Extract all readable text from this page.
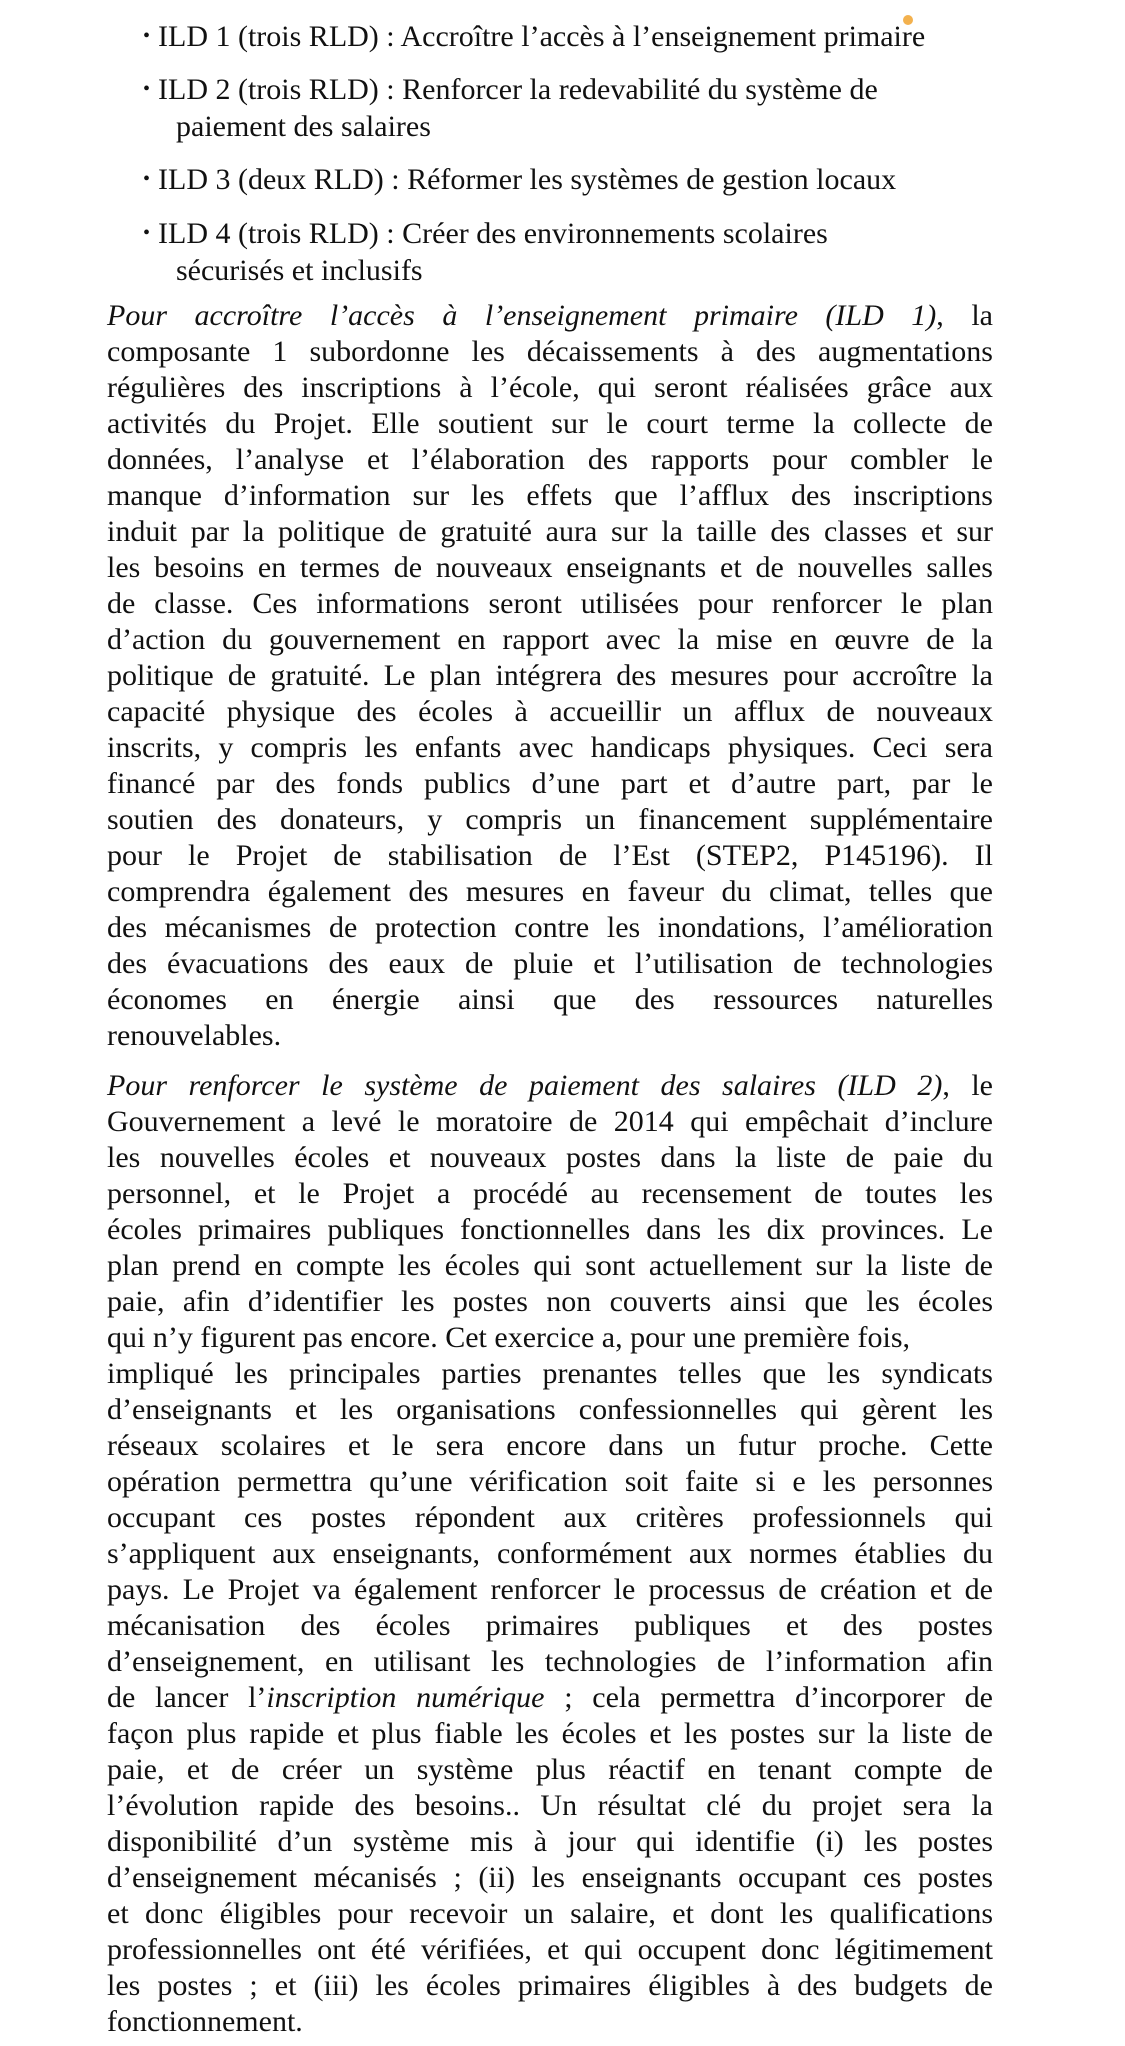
• ILD 1 (trois RLD) : Accroître l’accès à l’enseignement primaire
• ILD 2 (trois RLD) : Renforcer la redevabilité du système de
paiement des salaires
• ILD 3 (deux RLD) : Réformer les systèmes de gestion locaux
• ILD 4 (trois RLD) : Créer des environnements scolaires
sécurisés et inclusifs
Pour accroître l’accès à l’enseignement primaire (ILD 1), la
composante 1 subordonne les décaissements à des augmentations
régulières des inscriptions à l’école, qui seront réalisées grâce aux
activités du Projet. Elle soutient sur le court terme la collecte de
données, l’analyse et l’élaboration des rapports pour combler le
manque d’information sur les effets que l’afflux des inscriptions
induit par la politique de gratuité aura sur la taille des classes et sur
les besoins en termes de nouveaux enseignants et de nouvelles salles
de classe. Ces informations seront utilisées pour renforcer le plan
d’action du gouvernement en rapport avec la mise en œuvre de la
politique de gratuité. Le plan intégrera des mesures pour accroître la
capacité physique des écoles à accueillir un afflux de nouveaux
inscrits, y compris les enfants avec handicaps physiques. Ceci sera
financé par des fonds publics d’une part et d’autre part, par le
soutien des donateurs, y compris un financement supplémentaire
pour le Projet de stabilisation de l’Est (STEP2, P145196). Il
comprendra également des mesures en faveur du climat, telles que
des mécanismes de protection contre les inondations, l’amélioration
des évacuations des eaux de pluie et l’utilisation de technologies
économes en énergie ainsi que des ressources naturelles
renouvelables.
Pour renforcer le système de paiement des salaires (ILD 2), le
Gouvernement a levé le moratoire de 2014 qui empêchait d’inclure
les nouvelles écoles et nouveaux postes dans la liste de paie du
personnel, et le Projet a procédé au recensement de toutes les
écoles primaires publiques fonctionnelles dans les dix provinces. Le
plan prend en compte les écoles qui sont actuellement sur la liste de
paie, afin d’identifier les postes non couverts ainsi que les écoles
qui n’y figurent pas encore. Cet exercice a, pour une première fois,
impliqué les principales parties prenantes telles que les syndicats
d’enseignants et les organisations confessionnelles qui gèrent les
réseaux scolaires et le sera encore dans un futur proche. Cette
opération permettra qu’une vérification soit faite si e les personnes
occupant ces postes répondent aux critères professionnels qui
s’appliquent aux enseignants, conformément aux normes établies du
pays. Le Projet va également renforcer le processus de création et de
mécanisation des écoles primaires publiques et des postes
d’enseignement, en utilisant les technologies de l’information afin
de lancer l’inscription numérique ; cela permettra d’incorporer de
façon plus rapide et plus fiable les écoles et les postes sur la liste de
paie, et de créer un système plus réactif en tenant compte de
l’évolution rapide des besoins.. Un résultat clé du projet sera la
disponibilité d’un système mis à jour qui identifie (i) les postes
d’enseignement mécanisés ; (ii) les enseignants occupant ces postes
et donc éligibles pour recevoir un salaire, et dont les qualifications
professionnelles ont été vérifiées, et qui occupent donc légitimement
les postes ; et (iii) les écoles primaires éligibles à des budgets de
fonctionnement.
